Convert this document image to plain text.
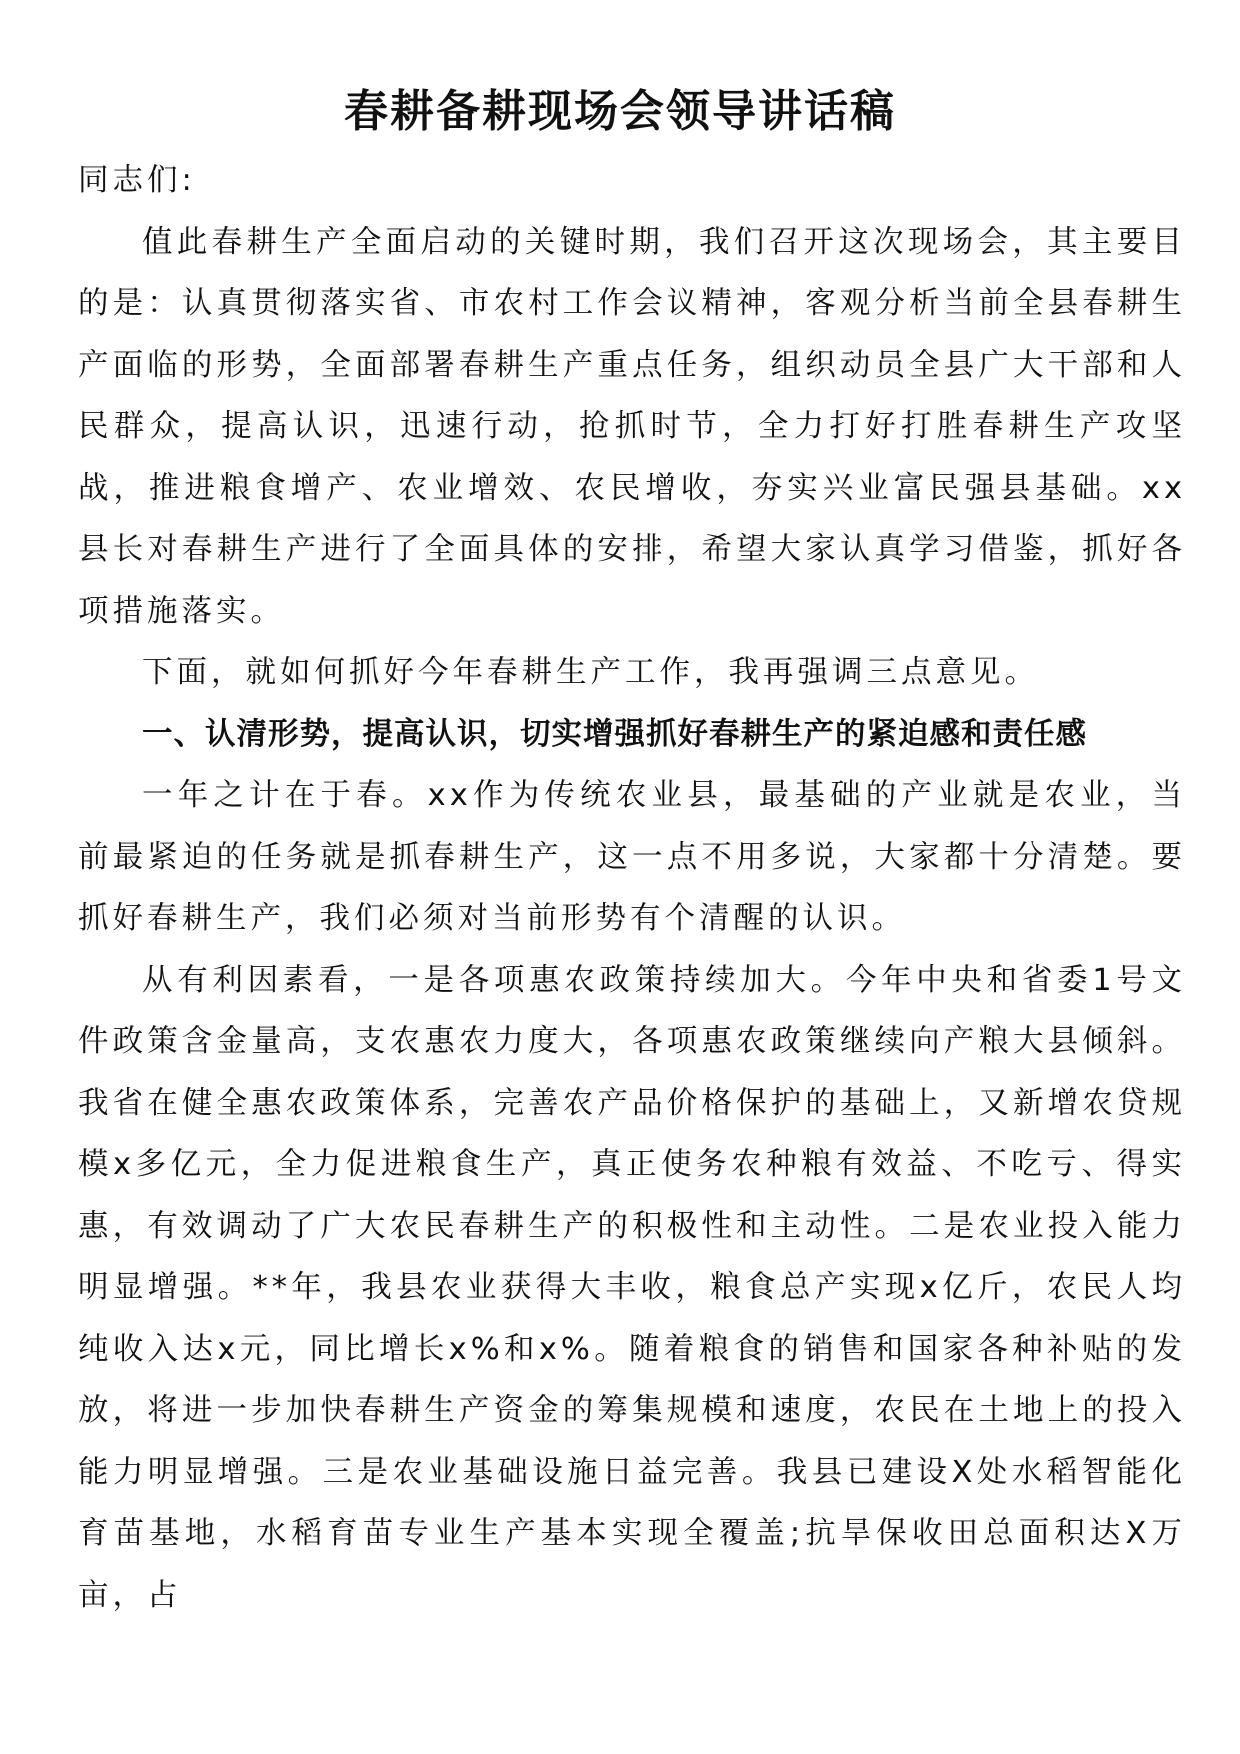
春耕备耕现场会领导讲话稿

同志们:

值此春耕生产全面启动的关键时期，我们召开这次现场会，其主要目的是：认真贯彻落实省、市农村工作会议精神，客观分析当前全县春耕生产面临的形势，全面部署春耕生产重点任务，组织动员全县广大干部和人民群众，提高认识，迅速行动，抢抓时节，全力打好打胜春耕生产攻坚战，推进粮食增产、农业增效、农民增收，夯实兴业富民强县基础。xx县长对春耕生产进行了全面具体的安排，希望大家认真学习借鉴，抓好各项措施落实。

下面，就如何抓好今年春耕生产工作，我再强调三点意见。

一、认清形势，提高认识，切实增强抓好春耕生产的紧迫感和责任感

一年之计在于春。xx作为传统农业县，最基础的产业就是农业，当前最紧迫的任务就是抓春耕生产，这一点不用多说，大家都十分清楚。要抓好春耕生产，我们必须对当前形势有个清醒的认识。

从有利因素看，一是各项惠农政策持续加大。今年中央和省委1号文件政策含金量高，支农惠农力度大，各项惠农政策继续向产粮大县倾斜。我省在健全惠农政策体系，完善农产品价格保护的基础上，又新增农贷规模x多亿元，全力促进粮食生产，真正使务农种粮有效益、不吃亏、得实惠，有效调动了广大农民春耕生产的积极性和主动性。二是农业投入能力明显增强。**年，我县农业获得大丰收，粮食总产实现x亿斤，农民人均纯收入达x元，同比增长x%和x%。随着粮食的销售和国家各种补贴的发放，将进一步加快春耕生产资金的筹集规模和速度，农民在土地上的投入能力明显增强。三是农业基础设施日益完善。我县已建设X处水稻智能化育苗基地，水稻育苗专业生产基本实现全覆盖;抗旱保收田总面积达X万亩，占
